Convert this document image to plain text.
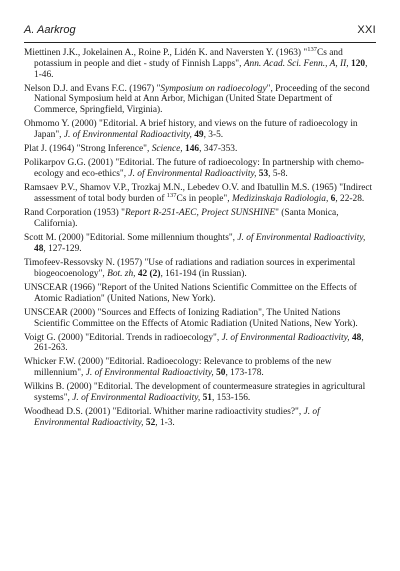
A. Aarkrog	XXI
Miettinen J.K., Jokelainen A., Roine P., Lidén K. and Naversten Y. (1963) "$^{137}$Cs and potassium in people and diet - study of Finnish Lapps", Ann. Acad. Sci. Fenn., A, II, 120, 1-46.
Nelson D.J. and Evans F.C. (1967) "Symposium on radioecology", Proceeding of the second National Symposium held at Ann Arbor, Michigan (United State Department of Commerce, Springfield, Virginia).
Ohmomo Y. (2000) "Editorial. A brief history, and views on the future of radioecology in Japan", J. of Environmental Radioactivity, 49, 3-5.
Plat J. (1964) "Strong Inference", Science, 146, 347-353.
Polikarpov G.G. (2001) "Editorial. The future of radioecology: In partnership with chemo-ecology and eco-ethics", J. of Environmental Radioactivity, 53, 5-8.
Ramsaev P.V., Shamov V.P., Trozkaj M.N., Lebedev O.V. and Ibatullin M.S. (1965) "Indirect assessment of total body burden of $^{137}$Cs in people", Medizinskaja Radiologia, 6, 22-28.
Rand Corporation (1953) "Report R-251-AEC, Project SUNSHINE" (Santa Monica, California).
Scott M. (2000) "Editorial. Some millennium thoughts", J. of Environmental Radioactivity, 48, 127-129.
Timofeev-Ressovsky N. (1957) "Use of radiations and radiation sources in experimental biogeocoenology", Bot. zh, 42 (2), 161-194 (in Russian).
UNSCEAR (1966) "Report of the United Nations Scientific Committee on the Effects of Atomic Radiation" (United Nations, New York).
UNSCEAR (2000) "Sources and Effects of Ionizing Radiation", The United Nations Scientific Committee on the Effects of Atomic Radiation (United Nations, New York).
Voigt G. (2000) "Editorial. Trends in radioecology", J. of Environmental Radioactivity, 48, 261-263.
Whicker F.W. (2000) "Editorial. Radioecology: Relevance to problems of the new millennium", J. of Environmental Radioactivity, 50, 173-178.
Wilkins B. (2000) "Editorial. The development of countermeasure strategies in agricultural systems", J. of Environmental Radioactivity, 51, 153-156.
Woodhead D.S. (2001) "Editorial. Whither marine radioactivity studies?", J. of Environmental Radioactivity, 52, 1-3.
